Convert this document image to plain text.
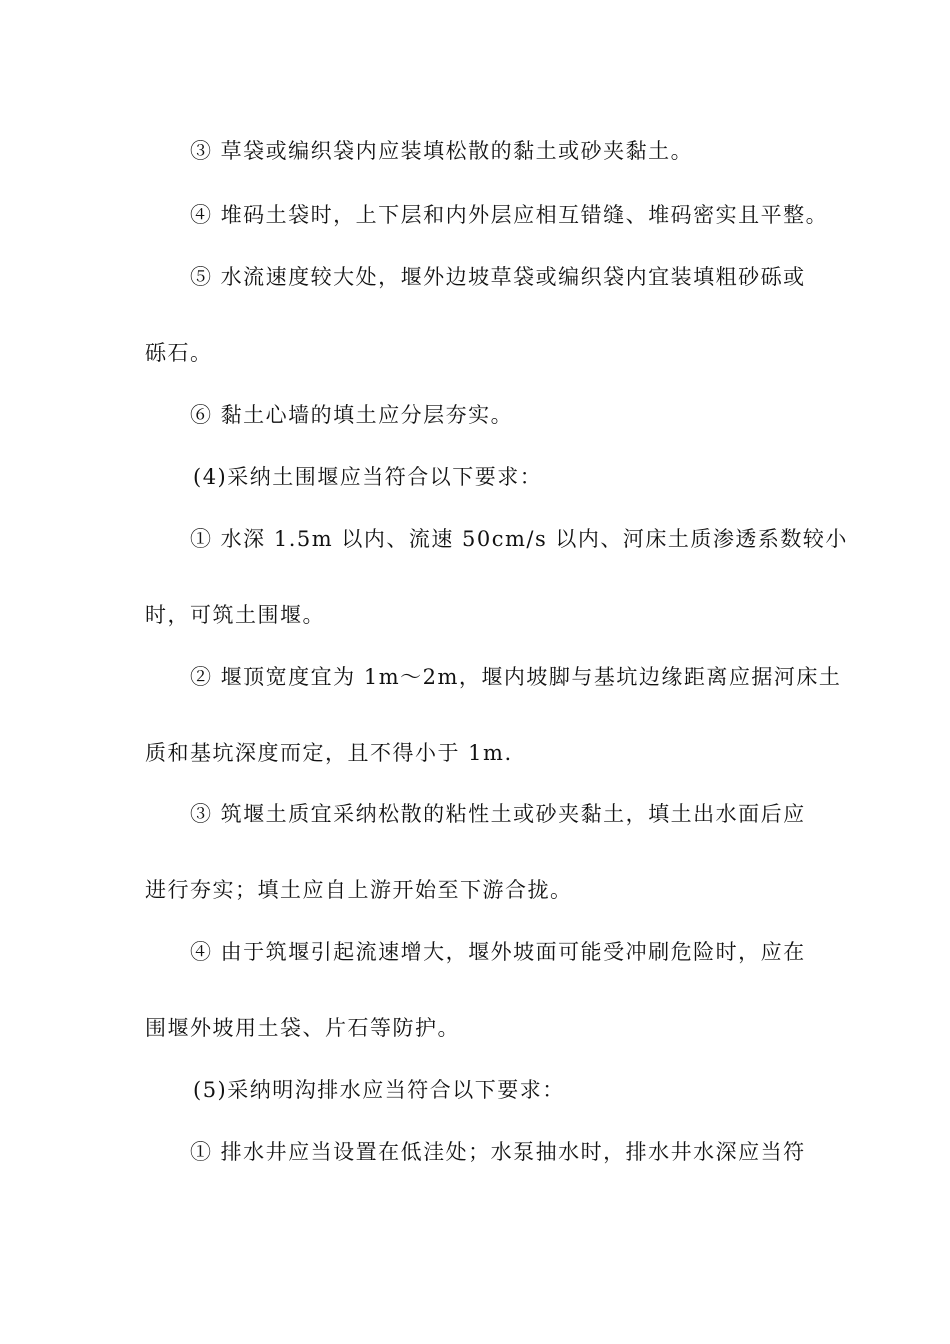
③ 草袋或编织袋内应装填松散的黏土或砂夹黏土。
④ 堆码土袋时，上下层和内外层应相互错缝、堆码密实且平整。
⑤ 水流速度较大处，堰外边坡草袋或编织袋内宜装填粗砂砾或
砾石。
⑥ 黏土心墙的填土应分层夯实。
(4)采纳土围堰应当符合以下要求：
① 水深 1.5m 以内、流速 50cm/s 以内、河床土质渗透系数较小
时，可筑土围堰。
② 堰顶宽度宜为 1m～2m，堰内坡脚与基坑边缘距离应据河床土
质和基坑深度而定，且不得小于 1m.
③ 筑堰土质宜采纳松散的粘性土或砂夹黏土，填土出水面后应
进行夯实；填土应自上游开始至下游合拢。
④ 由于筑堰引起流速增大，堰外坡面可能受冲刷危险时，应在
围堰外坡用土袋、片石等防护。
(5)采纳明沟排水应当符合以下要求：
① 排水井应当设置在低洼处；水泵抽水时，排水井水深应当符
